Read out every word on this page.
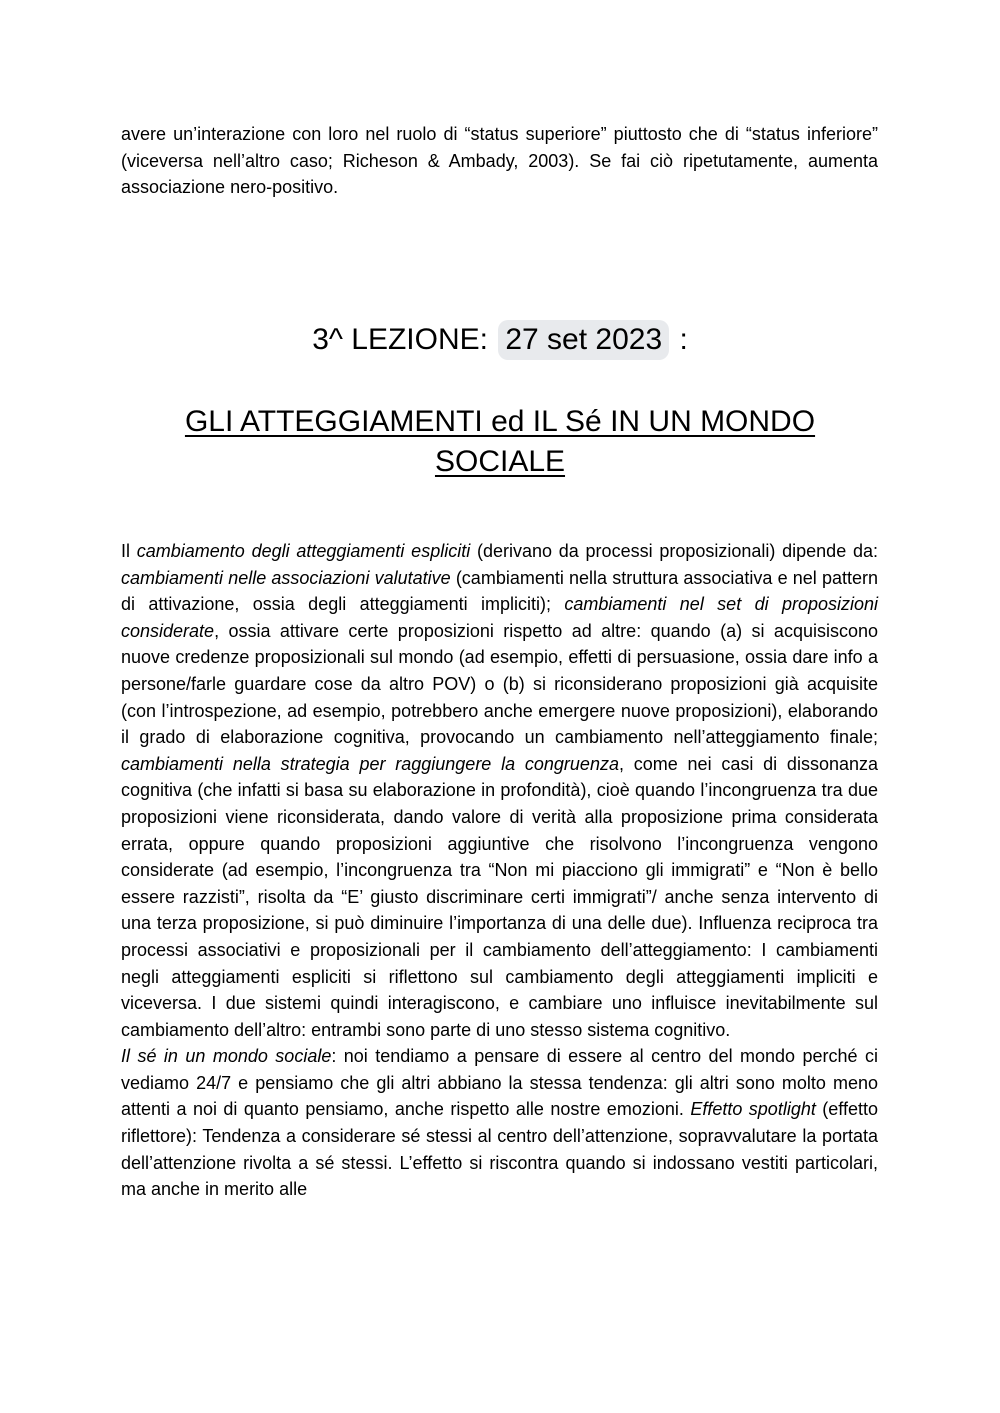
avere un’interazione con loro nel ruolo di “status superiore” piuttosto che di “status inferiore” (viceversa nell’altro caso; Richeson & Ambady, 2003). Se fai ciò ripetutamente, aumenta associazione nero-positivo.

3^ LEZIONE: 27 set 2023 :
GLI ATTEGGIAMENTI ed IL Sé IN UN MONDO SOCIALE

Il cambiamento degli atteggiamenti espliciti (derivano da processi proposizionali) dipende da: cambiamenti nelle associazioni valutative (cambiamenti nella struttura associativa e nel pattern di attivazione, ossia degli atteggiamenti impliciti); cambiamenti nel set di proposizioni considerate, ossia attivare certe proposizioni rispetto ad altre: quando (a) si acquisiscono nuove credenze proposizionali sul mondo (ad esempio, effetti di persuasione, ossia dare info a persone/farle guardare cose da altro POV) o (b) si riconsiderano proposizioni già acquisite (con l’introspezione, ad esempio, potrebbero anche emergere nuove proposizioni), elaborando il grado di elaborazione cognitiva, provocando un cambiamento nell’atteggiamento finale; cambiamenti nella strategia per raggiungere la congruenza, come nei casi di dissonanza cognitiva (che infatti si basa su elaborazione in profondità), cioè quando l’incongruenza tra due proposizioni viene riconsiderata, dando valore di verità alla proposizione prima considerata errata, oppure quando proposizioni aggiuntive che risolvono l’incongruenza vengono considerate (ad esempio, l’incongruenza tra “Non mi piacciono gli immigrati” e “Non è bello essere razzisti”, risolta da “E’ giusto discriminare certi immigrati”/ anche senza intervento di una terza proposizione, si può diminuire l’importanza di una delle due). Influenza reciproca tra processi associativi e proposizionali per il cambiamento dell’atteggiamento: I cambiamenti negli atteggiamenti espliciti si riflettono sul cambiamento degli atteggiamenti impliciti e viceversa. I due sistemi quindi interagiscono, e cambiare uno influisce inevitabilmente sul cambiamento dell’altro: entrambi sono parte di uno stesso sistema cognitivo.

Il sé in un mondo sociale: noi tendiamo a pensare di essere al centro del mondo perché ci vediamo 24/7 e pensiamo che gli altri abbiano la stessa tendenza: gli altri sono molto meno attenti a noi di quanto pensiamo, anche rispetto alle nostre emozioni. Effetto spotlight (effetto riflettore): Tendenza a considerare sé stessi al centro dell’attenzione, sopravvalutare la portata dell’attenzione rivolta a sé stessi. L’effetto si riscontra quando si indossano vestiti particolari, ma anche in merito alle
